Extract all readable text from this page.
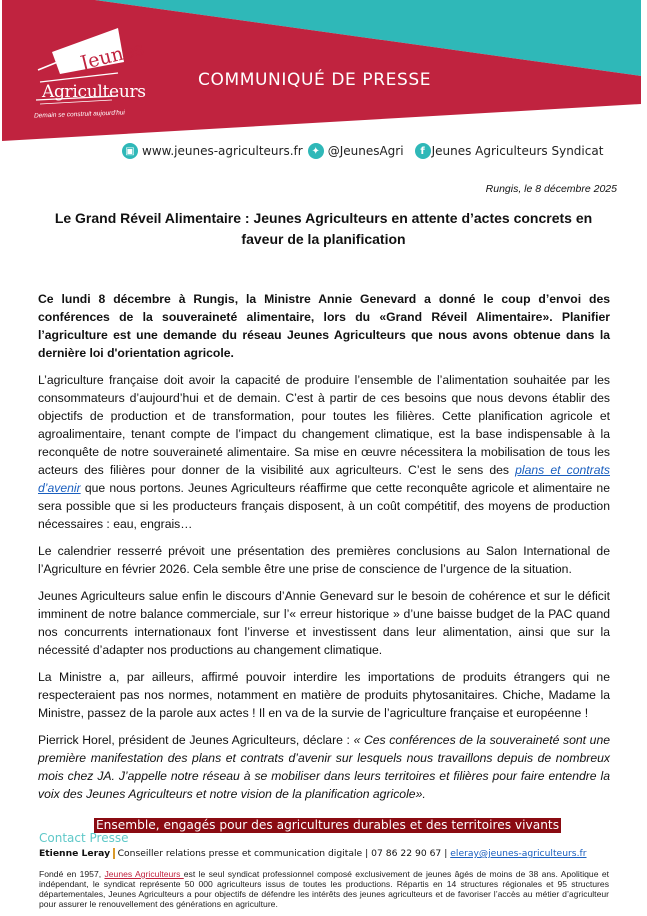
Jeunes
Agriculteurs
Demain se construit aujourd'hui
COMMUNIQUÉ DE PRESSE
▣ www.jeunes-agriculteurs.fr ✦ @JeunesAgri	f Jeunes Agriculteurs Syndicat
Rungis, le 8 décembre 2025
Le Grand Réveil Alimentaire : Jeunes Agriculteurs en attente d’actes concrets en faveur de la planification

Ce lundi 8 décembre à Rungis, la Ministre Annie Genevard a donné le coup d’envoi des conférences de la souveraineté alimentaire, lors du «Grand Réveil Alimentaire». Planifier l’agriculture est une demande du réseau Jeunes Agriculteurs que nous avons obtenue dans la dernière loi d'orientation agricole.

L’agriculture française doit avoir la capacité de produire l’ensemble de l’alimentation souhaitée par les consommateurs d’aujourd’hui et de demain. C’est à partir de ces besoins que nous devons établir des objectifs de production et de transformation, pour toutes les filières. Cette planification agricole et agroalimentaire, tenant compte de l’impact du changement climatique, est la base indispensable à la reconquête de notre souveraineté alimentaire. Sa mise en œuvre nécessitera la mobilisation de tous les acteurs des filières pour donner de la visibilité aux agriculteurs. C’est le sens des plans et contrats d’avenir que nous portons. Jeunes Agriculteurs réaffirme que cette reconquête agricole et alimentaire ne sera possible que si les producteurs français disposent, à un coût compétitif, des moyens de production nécessaires : eau, engrais…

Le calendrier resserré prévoit une présentation des premières conclusions au Salon International de l’Agriculture en février 2026. Cela semble être une prise de conscience de l’urgence de la situation.

Jeunes Agriculteurs salue enfin le discours d’Annie Genevard sur le besoin de cohérence et sur le déficit imminent de notre balance commerciale, sur l’« erreur historique » d’une baisse budget de la PAC quand nos concurrents internationaux font l’inverse et investissent dans leur alimentation, ainsi que sur la nécessité d’adapter nos productions au changement climatique.

La Ministre a, par ailleurs, affirmé pouvoir interdire les importations de produits étrangers qui ne respecteraient pas nos normes, notamment en matière de produits phytosanitaires. Chiche, Madame la Ministre, passez de la parole aux actes ! Il en va de la survie de l’agriculture française et européenne !

Pierrick Horel, président de Jeunes Agriculteurs, déclare : « Ces conférences de la souveraineté sont une première manifestation des plans et contrats d’avenir sur lesquels nous travaillons depuis de nombreux mois chez JA. J’appelle notre réseau à se mobiliser dans leurs territoires et filières pour faire entendre la voix des Jeunes Agriculteurs et notre vision de la planification agricole».

Ensemble, engagés pour des agricultures durables et des territoires vivants
Contact Presse
Etienne Leray Conseiller relations presse et communication digitale | 07 86 22 90 67 | eleray@jeunes-agriculteurs.fr
Fondé en 1957, Jeunes Agriculteurs est le seul syndicat professionnel composé exclusivement de jeunes âgés de moins de 38 ans. Apolitique et indépendant, le syndicat représente 50 000 agriculteurs issus de toutes les productions. Répartis en 14 structures régionales et 95 structures départementales, Jeunes Agriculteurs a pour objectifs de défendre les intérêts des jeunes agriculteurs et de favoriser l’accès au métier d’agriculteur pour assurer le renouvellement des générations en agriculture.
